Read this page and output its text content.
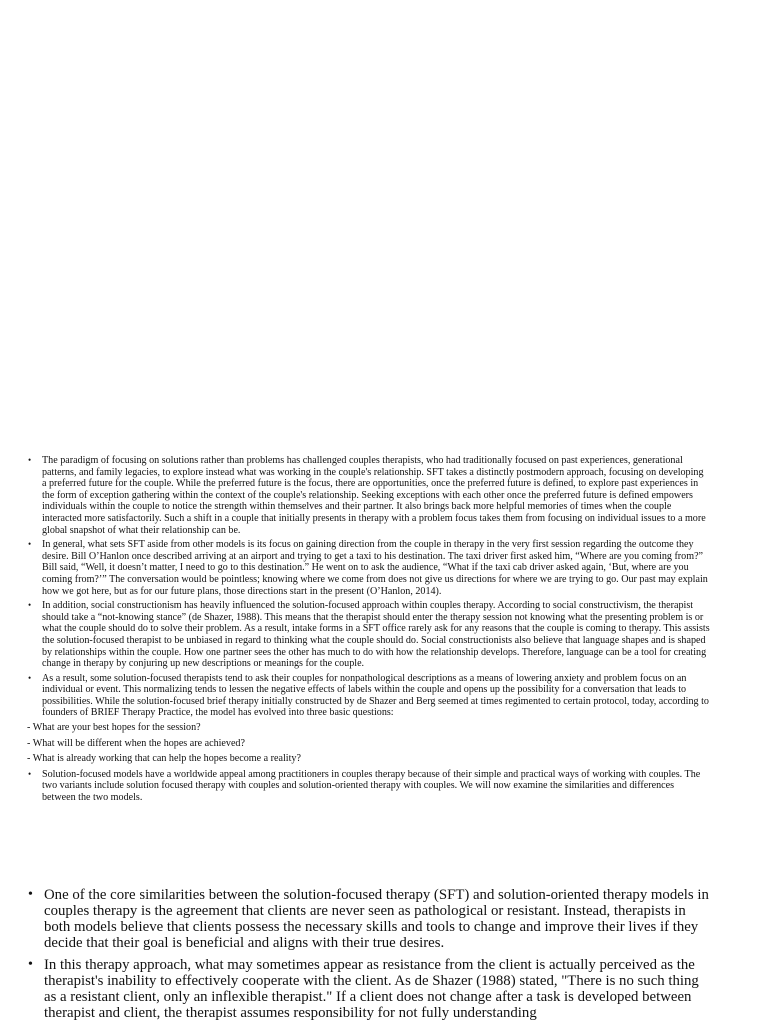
• The paradigm of focusing on solutions rather than problems has challenged couples therapists, who had traditionally focused on past experiences, generational patterns, and family legacies, to explore instead what was working in the couple's relationship. SFT takes a distinctly postmodern approach, focusing on developing a preferred future for the couple. While the preferred future is the focus, there are opportunities, once the preferred future is defined, to explore past experiences in the form of exception gathering within the context of the couple's relationship. Seeking exceptions with each other once the preferred future is defined empowers individuals within the couple to notice the strength within themselves and their partner. It also brings back more helpful memories of times when the couple interacted more satisfactorily. Such a shift in a couple that initially presents in therapy with a problem focus takes them from focusing on individual issues to a more global snapshot of what their relationship can be.
• In general, what sets SFT aside from other models is its focus on gaining direction from the couple in therapy in the very first session regarding the outcome they desire. Bill O’Hanlon once described arriving at an airport and trying to get a taxi to his destination. The taxi driver first asked him, “Where are you coming from?” Bill said, “Well, it doesn’t matter, I need to go to this destination.” He went on to ask the audience, “What if the taxi cab driver asked again, ‘But, where are you coming from?’” The conversation would be pointless; knowing where we come from does not give us directions for where we are trying to go. Our past may explain how we got here, but as for our future plans, those directions start in the present (O’Hanlon, 2014).
• In addition, social constructionism has heavily influenced the solution-focused approach within couples therapy. According to social constructivism, the therapist should take a “not-knowing stance” (de Shazer, 1988). This means that the therapist should enter the therapy session not knowing what the presenting problem is or what the couple should do to solve their problem. As a result, intake forms in a SFT office rarely ask for any reasons that the couple is coming to therapy. This assists the solution-focused therapist to be unbiased in regard to thinking what the couple should do. Social constructionists also believe that language shapes and is shaped by relationships within the couple. How one partner sees the other has much to do with how the relationship develops. Therefore, language can be a tool for creating change in therapy by conjuring up new descriptions or meanings for the couple.
• As a result, some solution-focused therapists tend to ask their couples for nonpathological descriptions as a means of lowering anxiety and problem focus on an individual or event. This normalizing tends to lessen the negative effects of labels within the couple and opens up the possibility for a conversation that leads to possibilities. While the solution-focused brief therapy initially constructed by de Shazer and Berg seemed at times regimented to certain protocol, today, according to founders of BRIEF Therapy Practice, the model has evolved into three basic questions:
- What are your best hopes for the session?
- What will be different when the hopes are achieved?
- What is already working that can help the hopes become a reality?
• Solution-focused models have a worldwide appeal among practitioners in couples therapy because of their simple and practical ways of working with couples. The two variants include solution focused therapy with couples and solution-oriented therapy with couples. We will now examine the similarities and differences between the two models.
• One of the core similarities between the solution-focused therapy (SFT) and solution-oriented therapy models in couples therapy is the agreement that clients are never seen as pathological or resistant. Instead, therapists in both models believe that clients possess the necessary skills and tools to change and improve their lives if they decide that their goal is beneficial and aligns with their true desires.
• In this therapy approach, what may sometimes appear as resistance from the client is actually perceived as the therapist's inability to effectively cooperate with the client. As de Shazer (1988) stated, "There is no such thing as a resistant client, only an inflexible therapist." If a client does not change after a task is developed between therapist and client, the therapist assumes responsibility for not fully understanding
